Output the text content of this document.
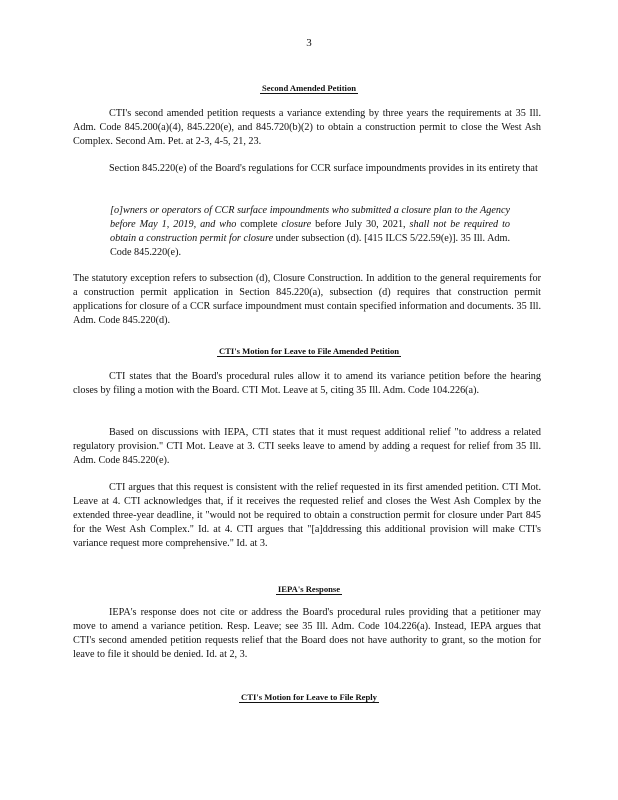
3
Second Amended Petition

CTI's second amended petition requests a variance extending by three years the requirements at 35 Ill. Adm. Code 845.200(a)(4), 845.220(e), and 845.720(b)(2) to obtain a construction permit to close the West Ash Complex. Second Am. Pet. at 2-3, 4-5, 21, 23.

Section 845.220(e) of the Board's regulations for CCR surface impoundments provides in its entirety that

[o]wners or operators of CCR surface impoundments who submitted a closure plan to the Agency before May 1, 2019, and who complete closure before July 30, 2021, shall not be required to obtain a construction permit for closure under subsection (d). [415 ILCS 5/22.59(e)]. 35 Ill. Adm. Code 845.220(e).

The statutory exception refers to subsection (d), Closure Construction. In addition to the general requirements for a construction permit application in Section 845.220(a), subsection (d) requires that construction permit applications for closure of a CCR surface impoundment must contain specified information and documents. 35 Ill. Adm. Code 845.220(d).

CTI's Motion for Leave to File Amended Petition

CTI states that the Board's procedural rules allow it to amend its variance petition before the hearing closes by filing a motion with the Board. CTI Mot. Leave at 5, citing 35 Ill. Adm. Code 104.226(a).

Based on discussions with IEPA, CTI states that it must request additional relief "to address a related regulatory provision." CTI Mot. Leave at 3. CTI seeks leave to amend by adding a request for relief from 35 Ill. Adm. Code 845.220(e).

CTI argues that this request is consistent with the relief requested in its first amended petition. CTI Mot. Leave at 4. CTI acknowledges that, if it receives the requested relief and closes the West Ash Complex by the extended three-year deadline, it "would not be required to obtain a construction permit for closure under Part 845 for the West Ash Complex." Id. at 4. CTI argues that "[a]ddressing this additional provision will make CTI's variance request more comprehensive." Id. at 3.

IEPA's Response

IEPA's response does not cite or address the Board's procedural rules providing that a petitioner may move to amend a variance petition. Resp. Leave; see 35 Ill. Adm. Code 104.226(a). Instead, IEPA argues that CTI's second amended petition requests relief that the Board does not have authority to grant, so the motion for leave to file it should be denied. Id. at 2, 3.

CTI's Motion for Leave to File Reply
